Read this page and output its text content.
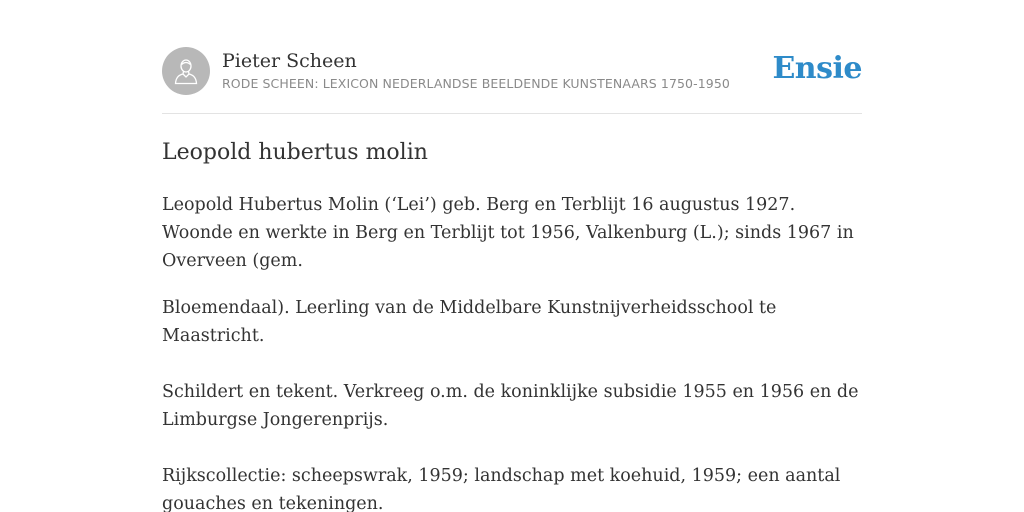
Pieter Scheen
RODE SCHEEN: LEXICON NEDERLANDSE BEELDENDE KUNSTENAARS 1750-1950	Ensie
Leopold hubertus molin

Leopold Hubertus Molin (‘Lei’) geb. Berg en Terblijt 16 augustus 1927. Woonde en werkte in Berg en Terblijt tot 1956, Valkenburg (L.); sinds 1967 in Overveen (gem.

Bloemendaal). Leerling van de Middelbare Kunstnijverheidsschool te Maastricht.

Schildert en tekent. Verkreeg o.m. de koninklijke subsidie 1955 en 1956 en de Limburgse Jongerenprijs.

Rijkscollectie: scheepswrak, 1959; landschap met koehuid, 1959; een aantal gouaches en tekeningen.
